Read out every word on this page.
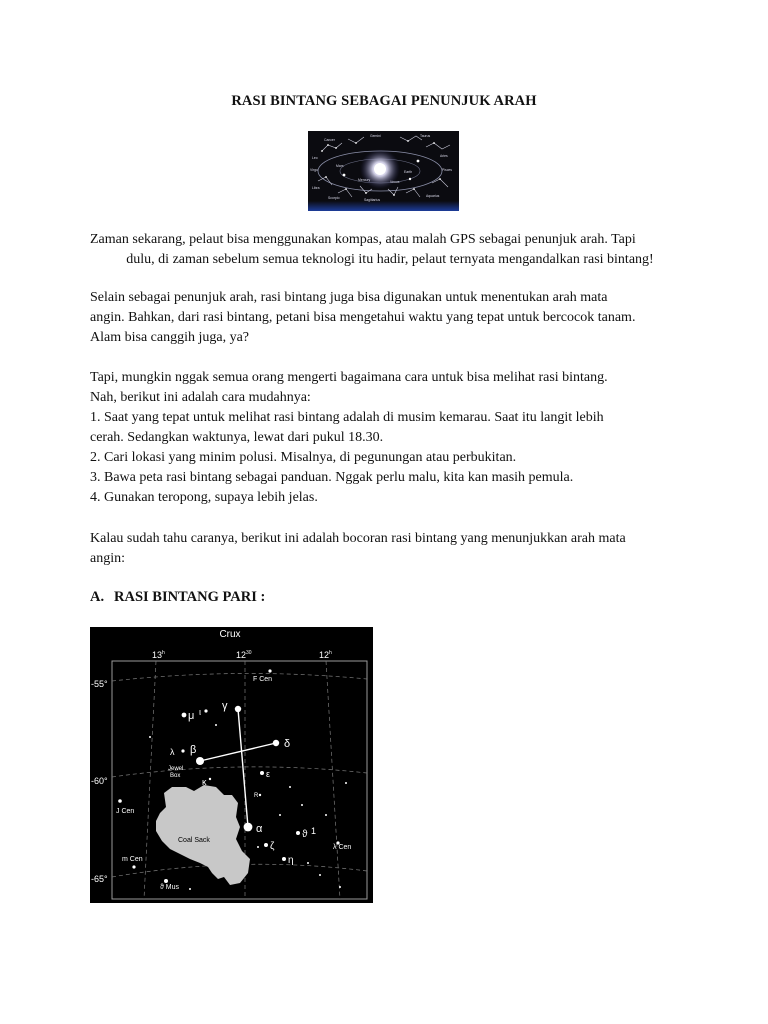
RASI BINTANG SEBAGAI PENUNJUK ARAH
Cancer
Gemini
Leo
Taurus
Virgo
Aries
Libra
Pisces
Scorpio	Sagittarius
Aquarius
Mercury	Venus
Earth
Mars

Zaman sekarang, pelaut bisa menggunakan kompas, atau malah GPS sebagai penunjuk arah. Tapi
dulu, di zaman sebelum semua teknologi itu hadir, pelaut ternyata mengandalkan rasi bintang!

Selain sebagai penunjuk arah, rasi bintang juga bisa digunakan untuk menentukan arah mata
angin. Bahkan, dari rasi bintang, petani bisa mengetahui waktu yang tepat untuk bercocok tanam.
Alam bisa canggih juga, ya?

Tapi, mungkin nggak semua orang mengerti bagaimana cara untuk bisa melihat rasi bintang.
Nah, berikut ini adalah cara mudahnya:
1. Saat yang tepat untuk melihat rasi bintang adalah di musim kemarau. Saat itu langit lebih
cerah. Sedangkan waktunya, lewat dari pukul 18.30.
2. Cari lokasi yang minim polusi. Misalnya, di pegunungan atau perbukitan.
3. Bawa peta rasi bintang sebagai panduan. Nggak perlu malu, kita kan masih pemula.
4. Gunakan teropong, supaya lebih jelas.

Kalau sudah tahu caranya, berikut ini adalah bocoran rasi bintang yang menunjukkan arah mata
angin:

A. RASI BINTANG PARI :
Crux
13$^h$	$12^{30}$	12$^h$
-55°
-60°
-65°
Coal Sack
γ
δ
β
α
ε
μ
λ
ζ
η
ϑ 1
ι
F Cen
λ Cen
J Cen
m Cen
ϑ Mus
Jewel
Box
κ
R
